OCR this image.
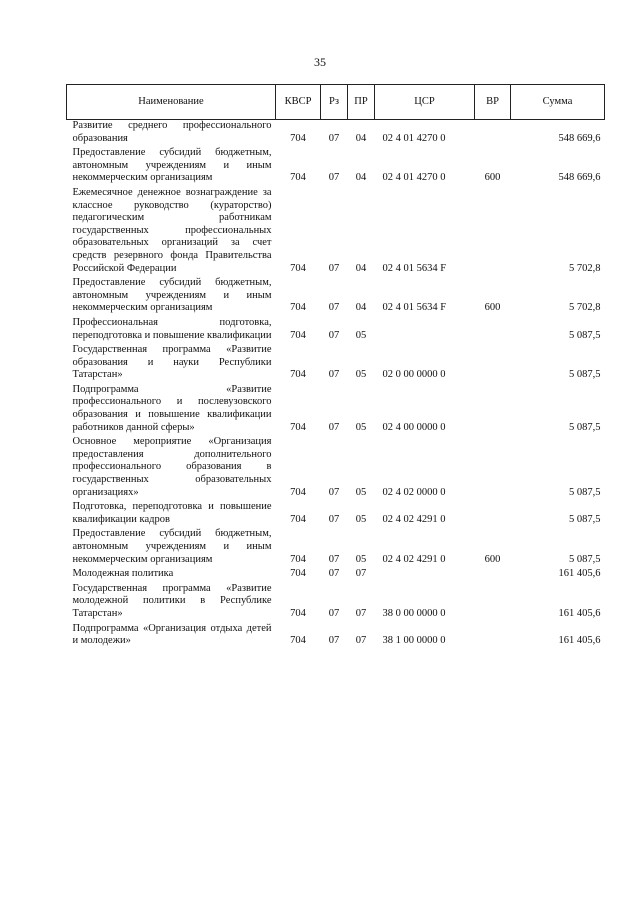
35
Наименование	КВСР	Рз	ПР	ЦСР	ВР	Сумма
Развитие среднего профессионального образования	704	07	04	02 4 01 4270 0		548 669,6
Предоставление субсидий бюджетным, автономным учреждениям и иным некоммерческим организациям	704	07	04	02 4 01 4270 0	600	548 669,6
Ежемесячное денежное вознаграждение за классное руководство (кураторство) педагогическим работникам государственных профессиональных образовательных организаций за счет средств резервного фонда Правительства Российской Федерации	704	07	04	02 4 01 5634 F		5 702,8
Предоставление субсидий бюджетным, автономным учреждениям и иным некоммерческим организациям	704	07	04	02 4 01 5634 F	600	5 702,8
Профессиональная подготовка, переподготовка и повышение квалификации	704	07	05			5 087,5
Государственная программа «Развитие образования и науки Республики Татарстан»	704	07	05	02 0 00 0000 0		5 087,5
Подпрограмма «Развитие профессионального и послевузовского образования и повышение квалификации работников данной сферы»	704	07	05	02 4 00 0000 0		5 087,5
Основное мероприятие «Организация предоставления дополнительного профессионального образования в государственных образовательных организациях»	704	07	05	02 4 02 0000 0		5 087,5
Подготовка, переподготовка и повышение квалификации кадров	704	07	05	02 4 02 4291 0		5 087,5
Предоставление субсидий бюджетным, автономным учреждениям и иным некоммерческим организациям	704	07	05	02 4 02 4291 0	600	5 087,5
Молодежная политика	704	07	07			161 405,6
Государственная программа «Развитие молодежной политики в Республике Татарстан»	704	07	07	38 0 00 0000 0		161 405,6
Подпрограмма «Организация отдыха детей и молодежи»	704	07	07	38 1 00 0000 0		161 405,6
